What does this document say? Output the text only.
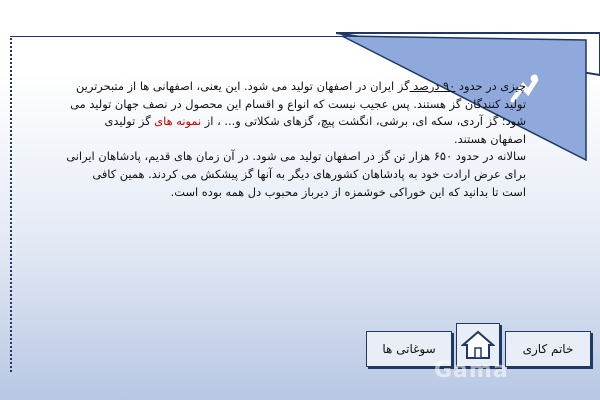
چیزی در حدود ۹۰ درصد گز ایران در اصفهان تولید می شود. این یعنی، اصفهانی ها از متبحرترین تولید کنندگان گز هستند. پس عجیب نیست که انواع و اقسام این محصول در نصف جهان تولید می شود؛ گز آردی، سکه ای، برشی، انگشت پیچ، گزهای شکلاتی و... ، از نمونه های گز تولیدی اصفهان هستند.

سالانه در حدود ۶۵۰ هزار تن گز در اصفهان تولید می شود. در آن زمان های قدیم، پادشاهان ایرانی برای عرض ارادت خود به پادشاهان کشورهای دیگر به آنها گز پیشکش می کردند. همین کافی است تا بدانید که این خوراکی خوشمزه از دیرباز محبوب دل همه بوده است.

سوغاتی ها	خاتم کاری
Gama
